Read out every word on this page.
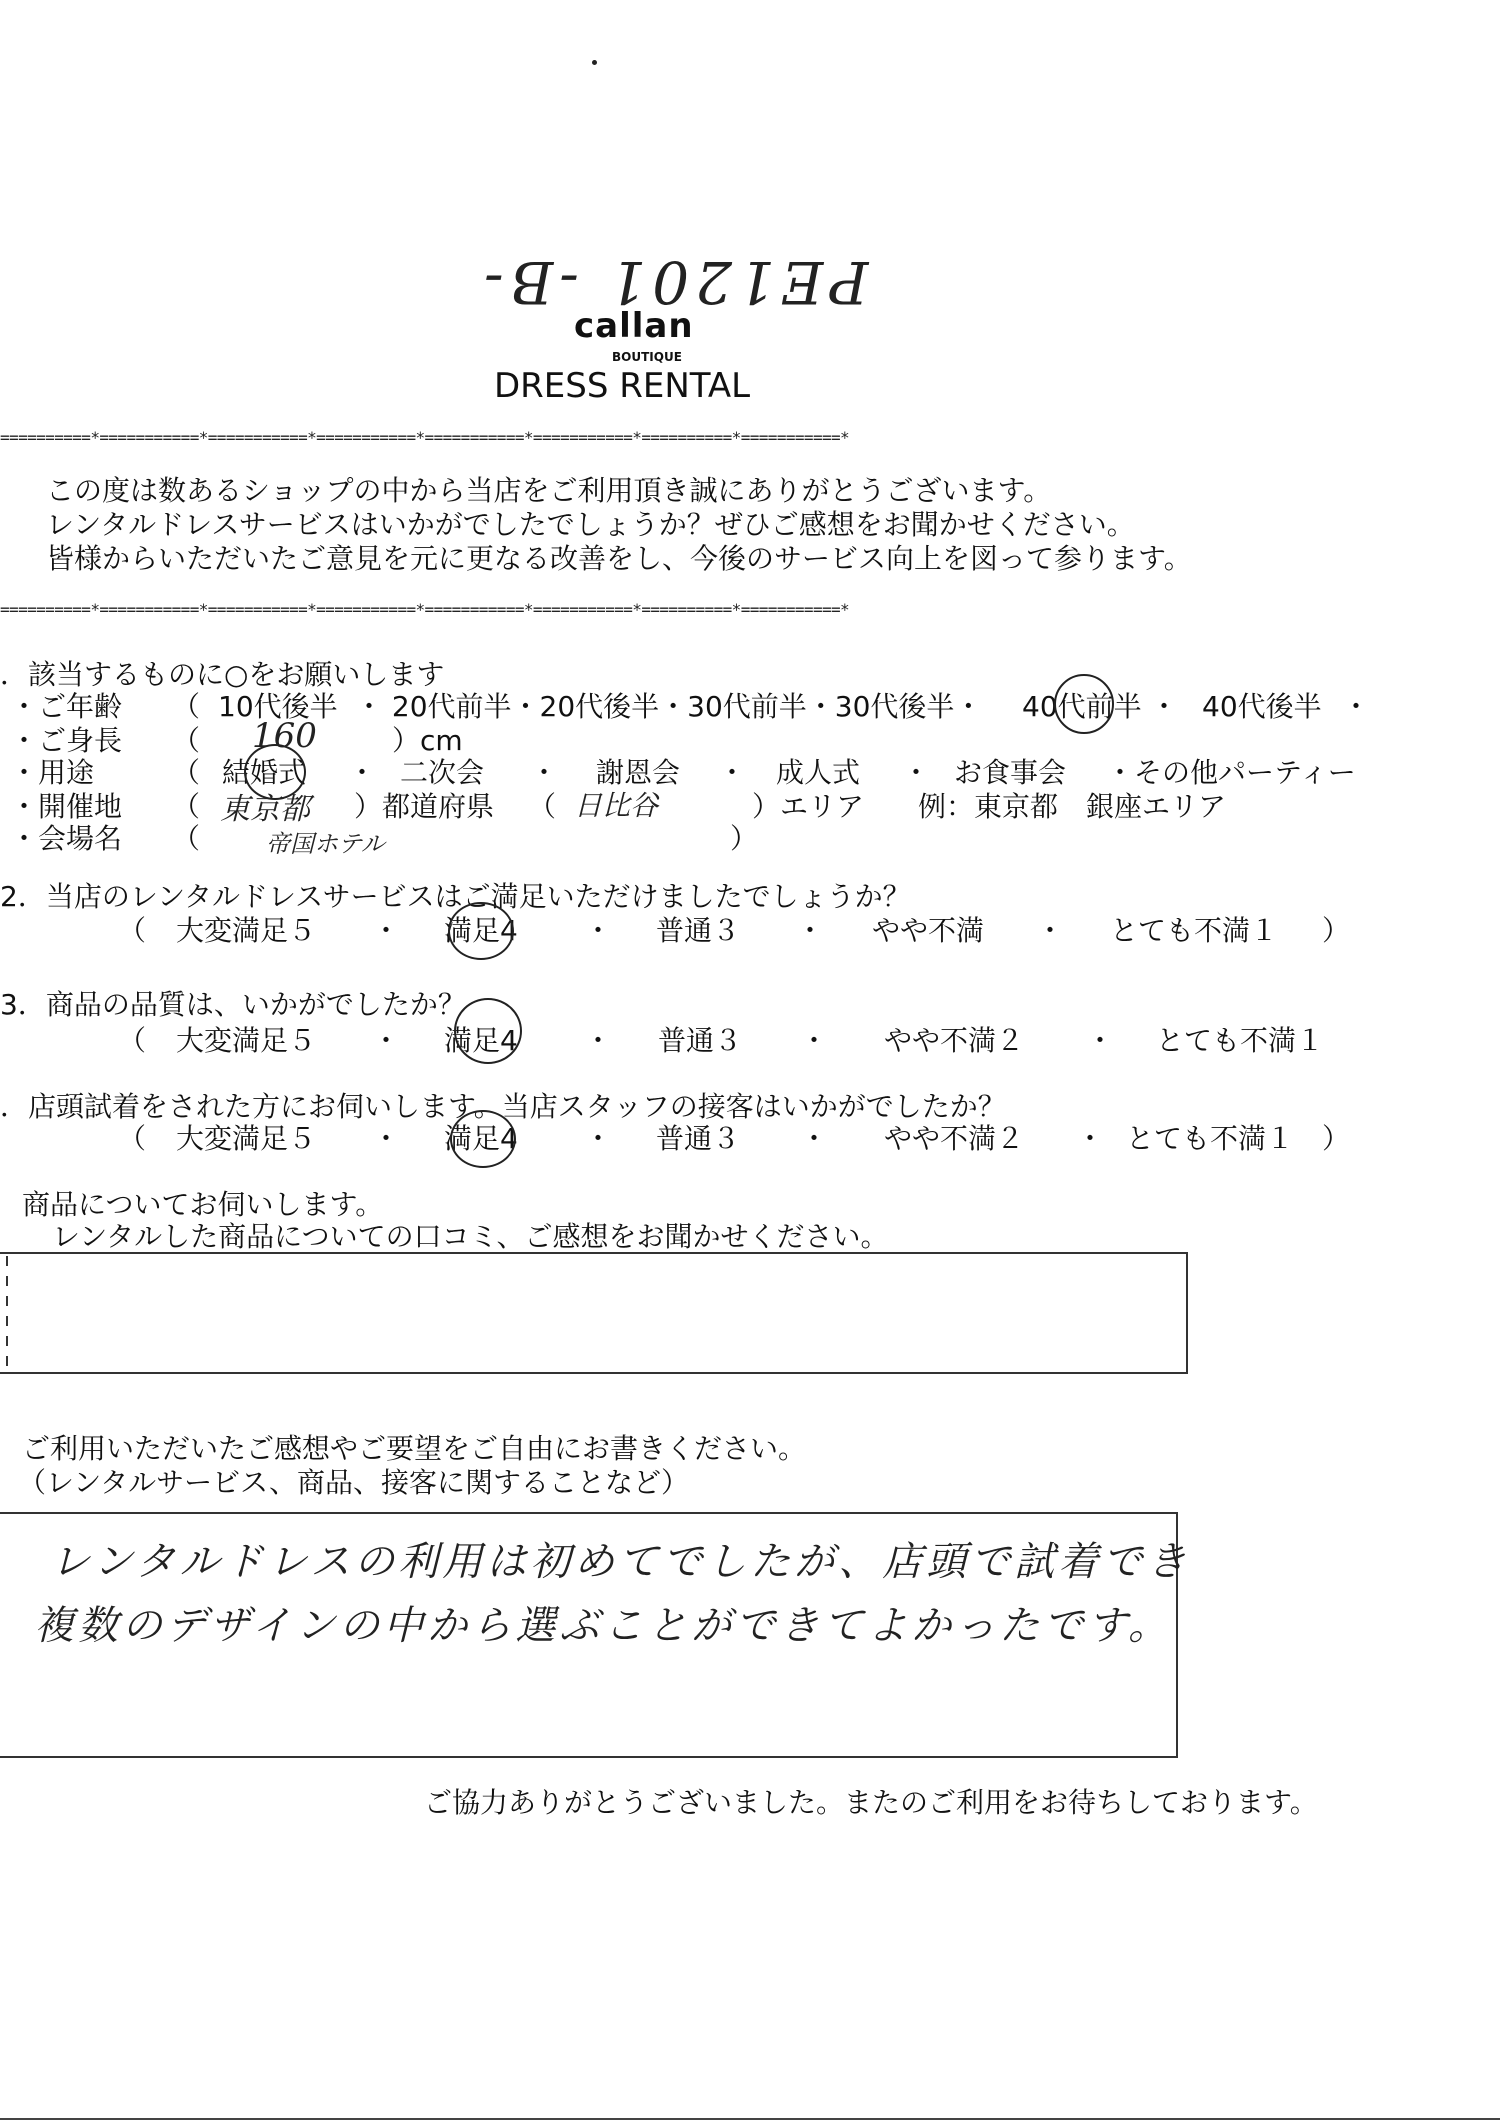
PE1201 -B-
callan
BOUTIQUE
DRESS RENTAL
==========*===========*===========*===========*===========*===========*==========*===========*
この度は数あるショップの中から当店をご利用頂き誠にありがとうございます。
レンタルドレスサービスはいかがでしたでしょうか？ぜひご感想をお聞かせください。
皆様からいただいたご意見を元に更なる改善をし、今後のサービス向上を図って参ります。
==========*===========*===========*===========*===========*===========*==========*===========*
．該当するものに○をお願いします
・ご年齢 （ 10代後半 ・ 20代前半・20代後半・30代前半・30代後半・ 40代前半 ・ 40代後半 ・
・ご身長 （ 160	）cm
・用途	（ 結婚式 ・ 二次会 ・ 謝恩会 ・ 成人式 ・ お食事会 ・その他パーティー
・開催地 （ 東京都 ）都道府県 （ 日比谷	）エリア 例：東京都　銀座エリア
・会場名 （	帝国ホテル	）
2．当店のレンタルドレスサービスはご満足いただけましたでしょうか？
（ 大変満足５ ・ 満足4 ・ 普通３ ・ やや不満 ・ とても不満１ ）
3．商品の品質は、いかがでしたか？
（ 大変満足５ ・ 満足4 ・ 普通３ ・ やや不満２ ・ とても不満１
．店頭試着をされた方にお伺いします。当店スタッフの接客はいかがでしたか？
（ 大変満足５ ・ 満足4 ・ 普通３ ・ やや不満２ ・ とても不満１ ）
商品についてお伺いします。
レンタルした商品についての口コミ、ご感想をお聞かせください。
ご利用いただいたご感想やご要望をご自由にお書きください。
（レンタルサービス、商品、接客に関することなど）
レンタルドレスの利用は初めてでしたが、店頭で試着でき
複数のデザインの中から選ぶことができてよかったです。
ご協力ありがとうございました。またのご利用をお待ちしております。
